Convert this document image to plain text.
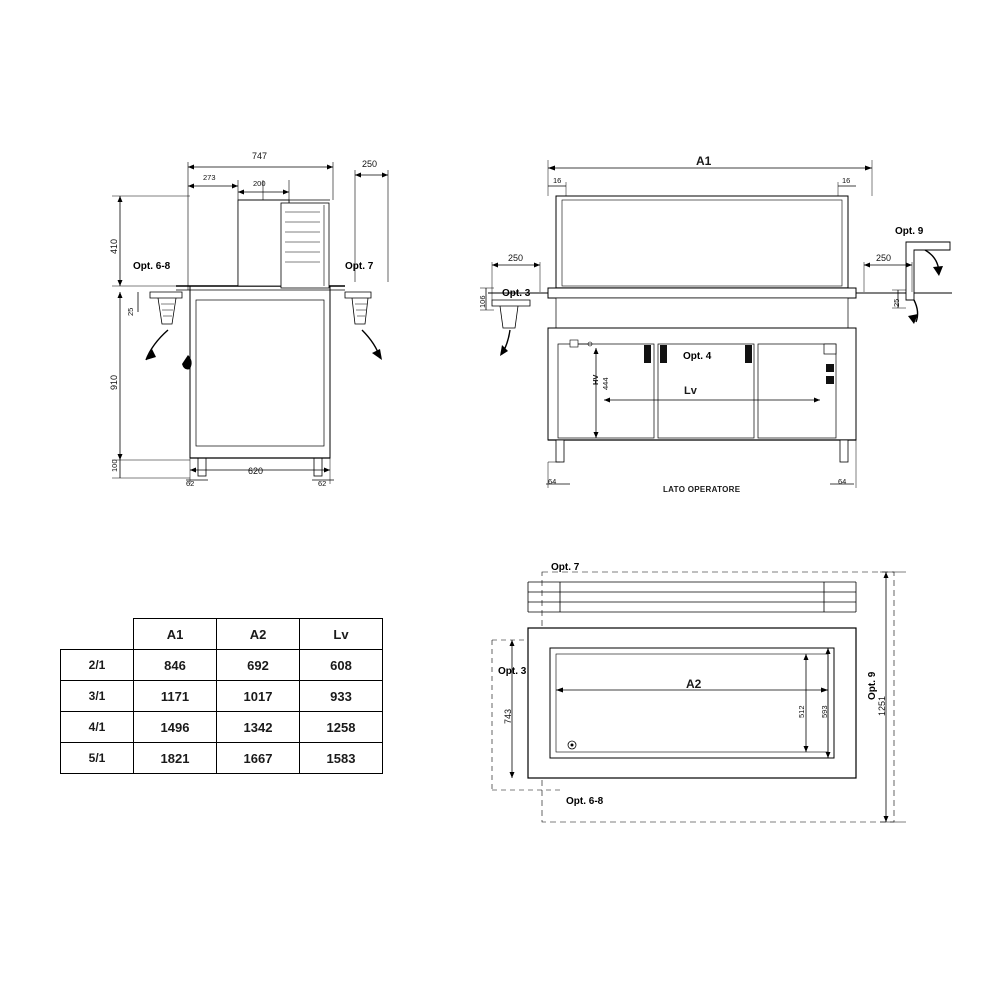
747
273
200
250
410
25
910
100	620
62	62
Opt. 6-8	Opt. 7
A1
16	16
250	250
106	25
HV 444
Lv
64	64
Opt. 3
Opt. 4
Opt. 9
LATO OPERATORE
Opt. 7
Opt. 3
Opt. 6-8
Opt. 9
A2
743	512 593	1251
	A1	A2	Lv
2/1	846	692	608
3/1	1171	1017	933
4/1	1496	1342	1258
5/1	1821	1667	1583
